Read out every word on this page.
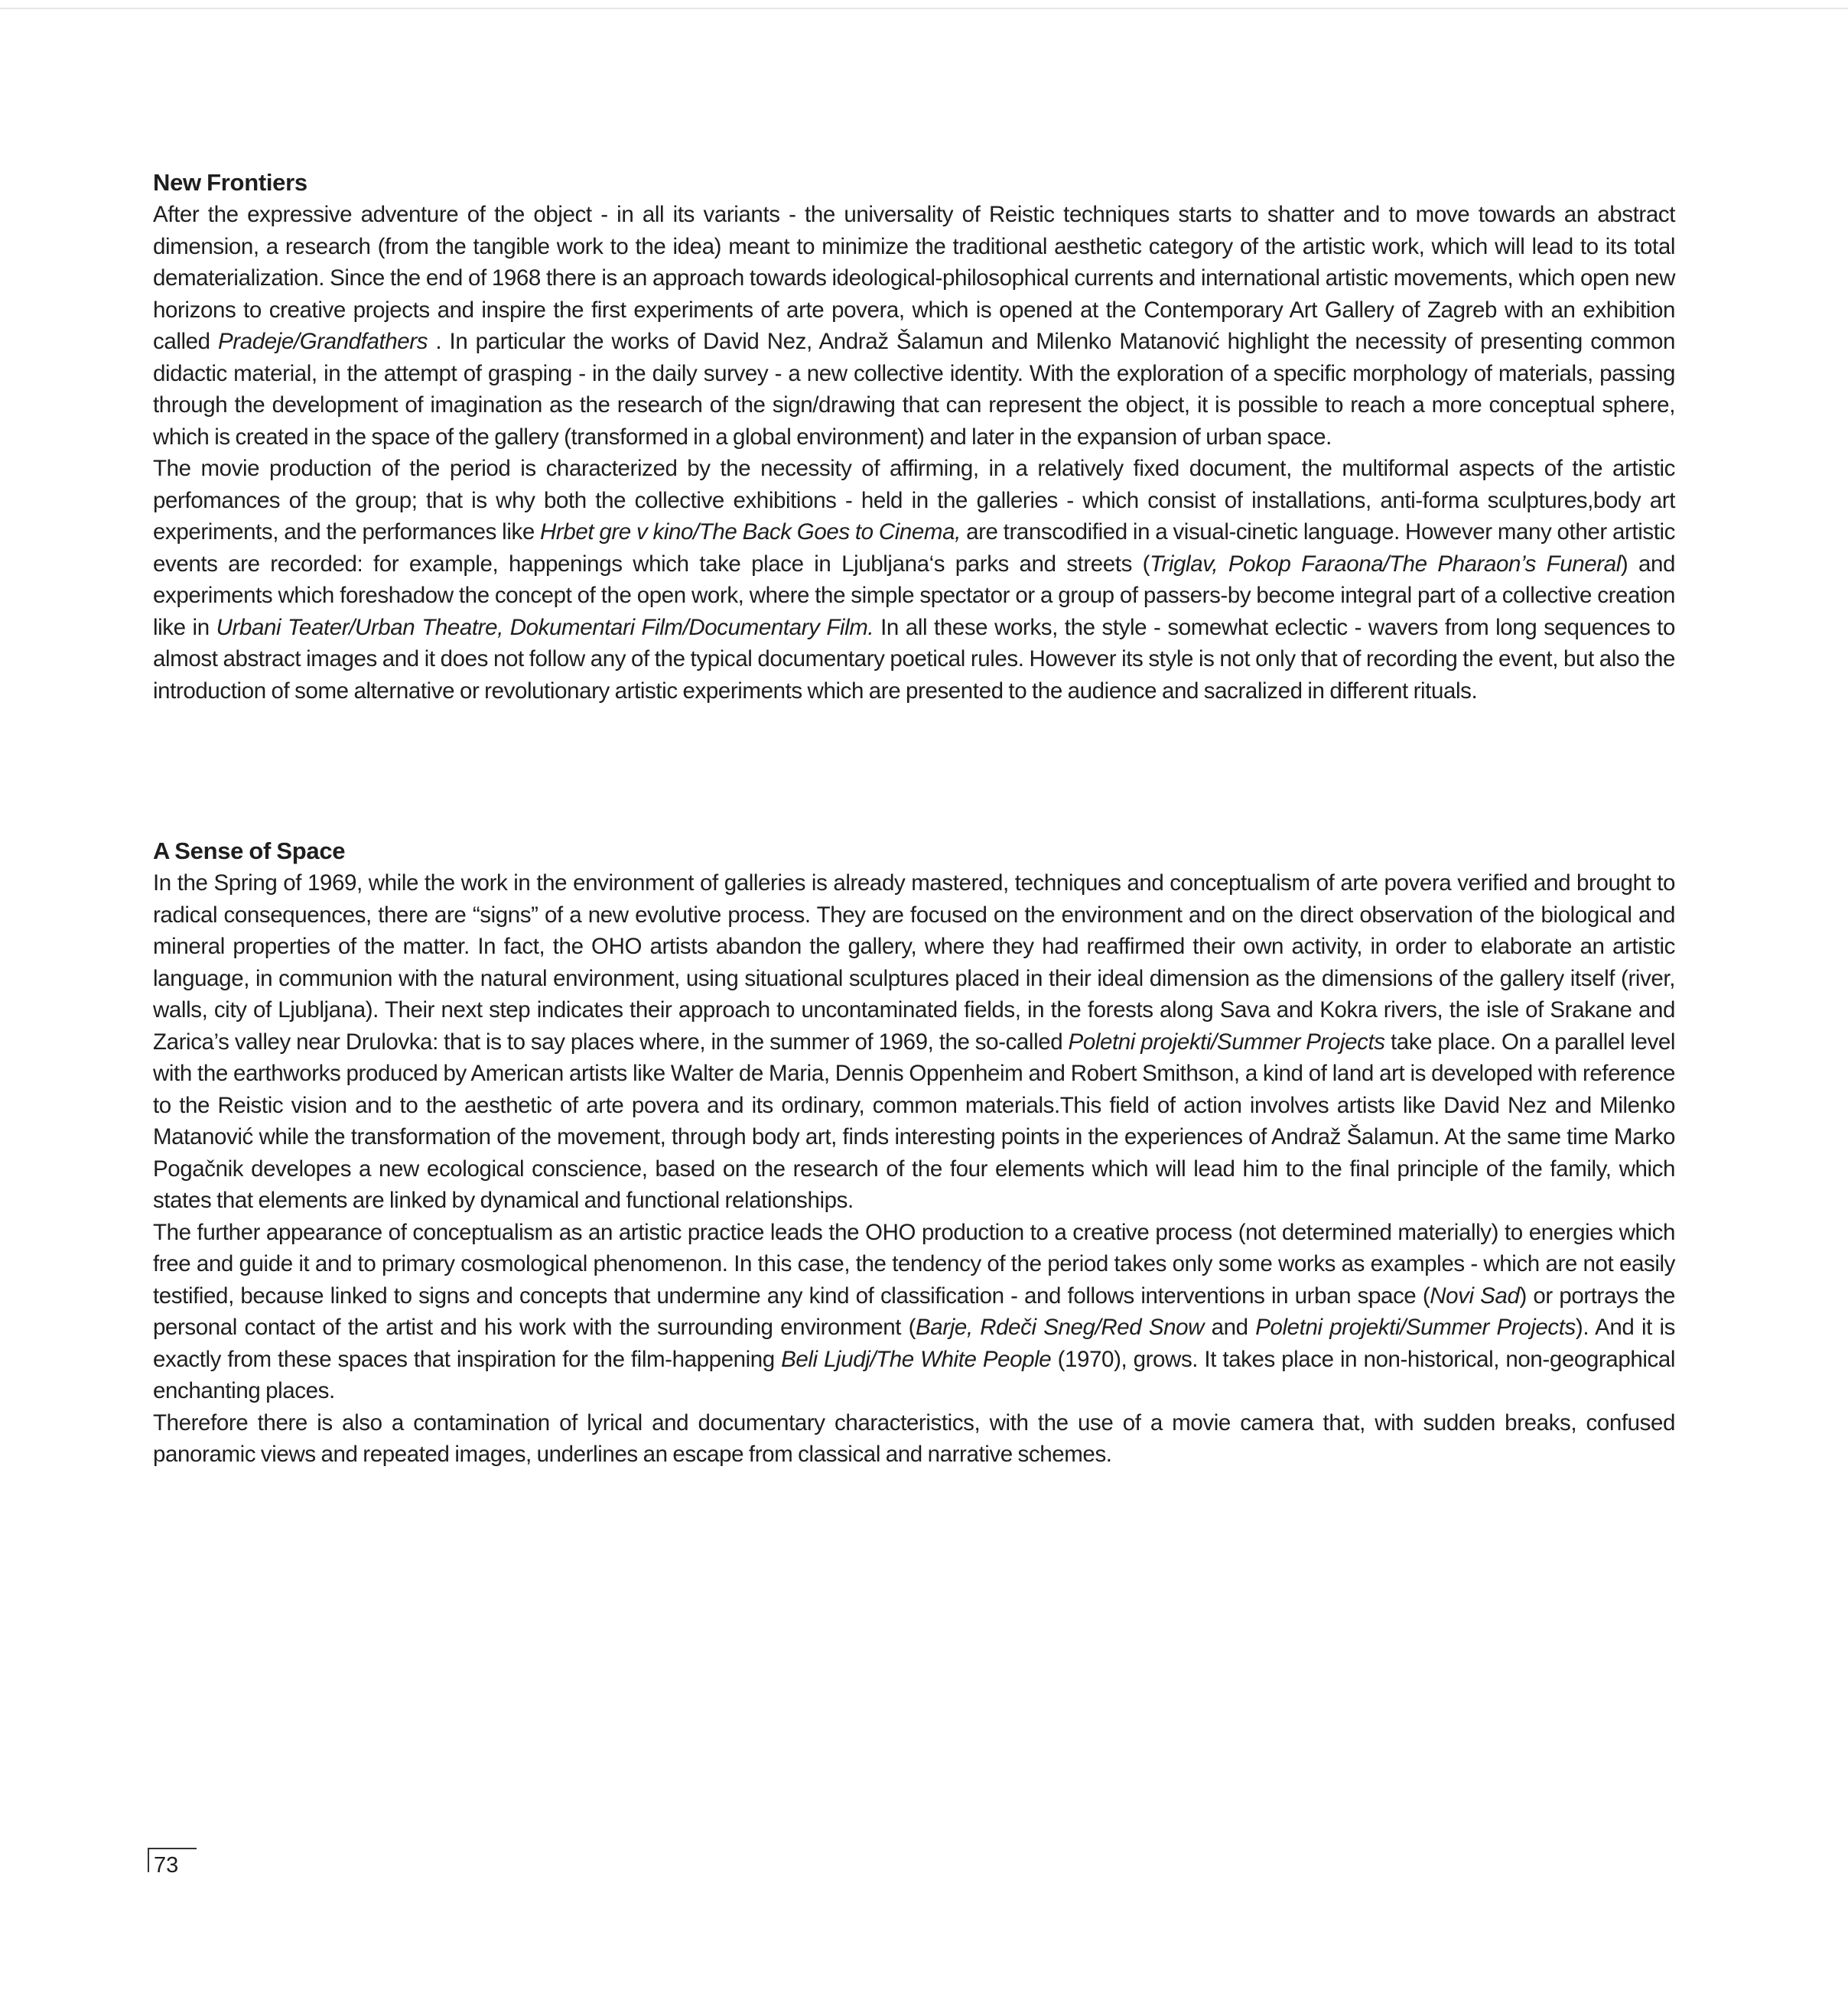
New Frontiers

After the expressive adventure of the object - in all its variants - the universality of Reistic techniques starts to shatter and to move towards an abstract dimension, a research (from the tangible work to the idea) meant to minimize the traditional aesthetic category of the artistic work, which will lead to its total dematerialization. Since the end of 1968 there is an approach towards ideological-philosophical currents and international artistic movements, which open new horizons to creative projects and inspire the first experiments of arte povera, which is opened at the Contemporary Art Gallery of Zagreb with an exhibition called Pradeje/Grandfathers . In particular the works of David Nez, Andraž Šalamun and Milenko Matanović highlight the necessity of presenting common didactic material, in the attempt of grasping - in the daily survey - a new collective identity. With the exploration of a specific morphology of materials, passing through the development of imagination as the research of the sign/drawing that can represent the object, it is possible to reach a more conceptual sphere, which is created in the space of the gallery (transformed in a global environment) and later in the expansion of urban space.

The movie production of the period is characterized by the necessity of affirming, in a relatively fixed document, the multiformal aspects of the artistic perfomances of the group; that is why both the collective exhibitions - held in the galleries - which consist of installations, anti-forma sculptures,body art experiments, and the performances like Hrbet gre v kino/The Back Goes to Cinema, are transcodified in a visual-cinetic language. However many other artistic events are recorded: for example, happenings which take place in Ljubljana‘s parks and streets (Triglav, Pokop Faraona/The Pharaon’s Funeral) and experiments which foreshadow the concept of the open work, where the simple spectator or a group of passers-by become integral part of a collective creation like in Urbani Teater/Urban Theatre, Dokumentari Film/Documentary Film. In all these works, the style - somewhat eclectic - wavers from long sequences to almost abstract images and it does not follow any of the typical documentary poetical rules. However its style is not only that of recording the event, but also the introduction of some alternative or revolutionary artistic experiments which are presented to the audience and sacralized in different rituals.

A Sense of Space

In the Spring of 1969, while the work in the environment of galleries is already mastered, techniques and conceptualism of arte povera verified and brought to radical consequences, there are “signs” of a new evolutive process. They are focused on the environment and on the direct observation of the biological and mineral properties of the matter. In fact, the OHO artists abandon the gallery, where they had reaffirmed their own activity, in order to elaborate an artistic language, in communion with the natural environment, using situational sculptures placed in their ideal dimension as the dimensions of the gallery itself (river, walls, city of Ljubljana). Their next step indicates their approach to uncontaminated fields, in the forests along Sava and Kokra rivers, the isle of Srakane and Zarica’s valley near Drulovka: that is to say places where, in the summer of 1969, the so-called Poletni projekti/Summer Projects take place. On a parallel level with the earthworks produced by American artists like Walter de Maria, Dennis Oppenheim and Robert Smithson, a kind of land art is developed with reference to the Reistic vision and to the aesthetic of arte povera and its ordinary, common materials.This field of action involves artists like David Nez and Milenko Matanović while the transformation of the movement, through body art, finds interesting points in the experiences of Andraž Šalamun. At the same time Marko Pogačnik developes a new ecological conscience, based on the research of the four elements which will lead him to the final principle of the family, which states that elements are linked by dynamical and functional relationships.

The further appearance of conceptualism as an artistic practice leads the OHO production to a creative process (not determined materially) to energies which free and guide it and to primary cosmological phenomenon. In this case, the tendency of the period takes only some works as examples - which are not easily testified, because linked to signs and concepts that undermine any kind of classification - and follows interventions in urban space (Novi Sad) or portrays the personal contact of the artist and his work with the surrounding environment (Barje, Rdeči Sneg/Red Snow and Poletni projekti/Summer Projects). And it is exactly from these spaces that inspiration for the film-happening Beli Ljudj/The White People (1970), grows. It takes place in non-historical, non-geographical enchanting places.

Therefore there is also a contamination of lyrical and documentary characteristics, with the use of a movie camera that, with sudden breaks, confused panoramic views and repeated images, underlines an escape from classical and narrative schemes.

73
